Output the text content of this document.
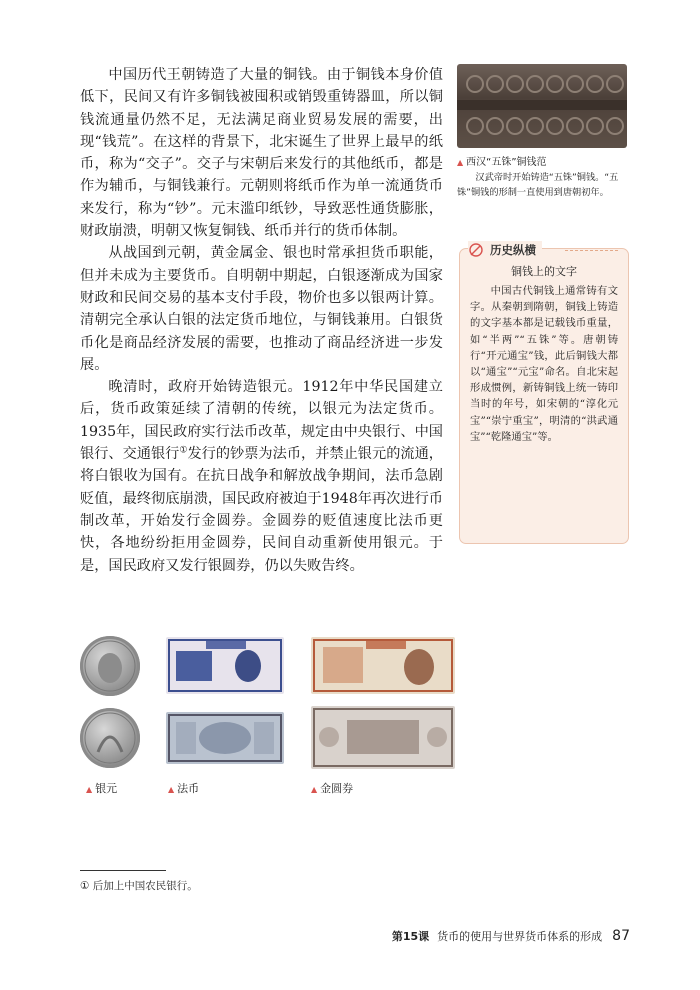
中国历代王朝铸造了大量的铜钱。由于铜钱本身价值低下，民间又有许多铜钱被囤积或销毁重铸器皿，所以铜钱流通量仍然不足，无法满足商业贸易发展的需要，出现“钱荒”。在这样的背景下，北宋诞生了世界上最早的纸币，称为“交子”。交子与宋朝后来发行的其他纸币，都是作为辅币，与铜钱兼行。元朝则将纸币作为单一流通货币来发行，称为“钞”。元末滥印纸钞，导致恶性通货膨胀，财政崩溃，明朝又恢复铜钱、纸币并行的货币体制。

从战国到元朝，黄金属金、银也时常承担货币职能，但并未成为主要货币。自明朝中期起，白银逐渐成为国家财政和民间交易的基本支付手段，物价也多以银两计算。清朝完全承认白银的法定货币地位，与铜钱兼用。白银货币化是商品经济发展的需要，也推动了商品经济进一步发展。

晚清时，政府开始铸造银元。1912年中华民国建立后，货币政策延续了清朝的传统，以银元为法定货币。1935年，国民政府实行法币改革，规定由中央银行、中国银行、交通银行①发行的钞票为法币，并禁止银元的流通，将白银收为国有。在抗日战争和解放战争期间，法币急剧贬值，最终彻底崩溃，国民政府被迫于1948年再次进行币制改革，开始发行金圆券。金圆券的贬值速度比法币更快，各地纷纷拒用金圆券，民间自动重新使用银元。于是，国民政府又发行银圆券，仍以失败告终。

▲ 西汉“五铢”铜钱范
汉武帝时开始铸造“五铢”铜钱。“五铢”铜钱的形制一直使用到唐朝初年。
历史纵横
铜钱上的文字
中国古代铜钱上通常铸有文字。从秦朝到隋朝，铜钱上铸造的文字基本都是记载钱币重量，如“半两”“五铢”等。唐朝铸行“开元通宝”钱，此后铜钱大都以“通宝”“元宝”命名。自北宋起形成惯例，新铸铜钱上统一铸印当时的年号，如宋朝的“淳化元宝”“崇宁重宝”，明清的“洪武通宝”“乾隆通宝”等。
▲ 银元	▲ 法币	▲ 金圆券
① 后加上中国农民银行。
第15课 货币的使用与世界货币体系的形成 87
